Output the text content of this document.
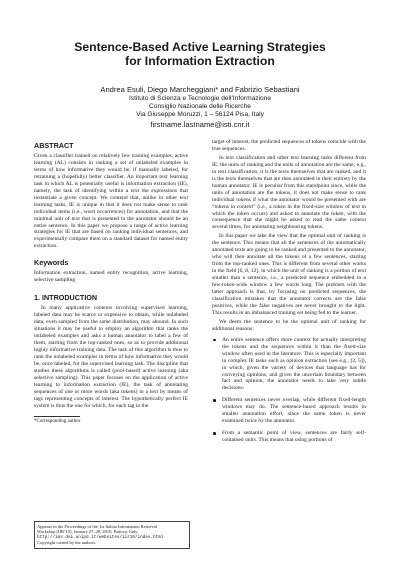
Sentence-Based Active Learning Strategies
for Information Extraction
Andrea Esuli, Diego Marcheggiani* and Fabrizio Sebastiani
Istituto di Scienza e Tecnologie dell’Informazione
Consiglio Nazionale delle Ricerche
Via Giuseppe Moruzzi, 1 – 56124 Pisa, Italy
firstname.lastname@isti.cnr.it
ABSTRACT

Given a classifier trained on relatively few training examples, active learning (AL) consists in ranking a set of unlabeled examples in terms of how informative they would be, if manually labeled, for retraining a (hopefully) better classifier. An important text learning task in which AL is potentially useful is information extraction (IE), namely, the task of identifying within a text the expressions that instantiate a given concept. We contend that, unlike in other text learning tasks, IE is unique in that it does not make sense to rank individual items (i.e., word occurrences) for annotation, and that the minimal unit of text that is presented to the annotator should be an entire sentence. In this paper we propose a range of active learning strategies for IE that are based on ranking individual sentences, and experimentally compare them on a standard dataset for named entity extraction.

Keywords

Information extraction, named entity recognition, active learning, selective sampling

1. INTRODUCTION

In many applicative contexts involving supervised learning, labeled data may be scarce or expensive to obtain, while unlabeled data, even sampled from the same distribution, may abound. In such situations it may be useful to employ an algorithm that ranks the unlabeled examples and asks a human annotator to label a few of them, starting from the top-ranked ones, so as to provide additional highly informative training data. The task of this algorithm is thus to rank the unlabeled examples in terms of how informative they would be, once labeled, for the supervised learning task. The discipline that studies these algorithms is called (pool-based) active learning (aka selective sampling). This paper focuses on the application of active learning to information extraction (IE), the task of annotating sequences of one or more words (aka tokens) in a text by means of tags representing concepts of interest. The hypothetically perfect IE system is thus the one for which, for each tag in the

*Corresponding author
Appears in the Proceedings of the 1st Italian Information Retrieval
Workshop (IIR’10), January 27–28, 2010, Padova, Italy.
http://ims.dei.unipd.it/websites/iir10/index.html
Copyright owned by the authors.

target of interest, the predicted sequences of tokens coincide with the true sequences.

In text classification and other text learning tasks different from IE, the units of ranking and the units of annotation are the same; e.g., in text classification, it is the texts themselves that are ranked, and it is the texts themselves that are then annotated in their entirety by the human annotator. IE is peculiar from this standpoint since, while the units of annotation are the tokens, it does not make sense to rank individual tokens if what the annotator would be presented with are “tokens in context” (i.e., a token in the fixed-size window of text in which the token occurs) and asked to annotate the token, with the consequence that she might be asked to read the same context several times, for annotating neighbouring tokens.

In this paper we take the view that the optimal unit of ranking is the sentence. This means that all the sentences of the automatically annotated texts are going to be ranked and presented to the annotator, who will then annotate all the tokens of a few sentences, starting from the top-ranked ones. This is different from several other works in the field [6, 8, 12], in which the unit of ranking is a portion of text smaller than a sentence, i.e., a predicted sequence embedded in a few-token-wide window a few words long. The problem with the latter approach is that, by focusing on predicted sequences, the classification mistakes that the annotator corrects are the false positives, while the false negatives are never brought to the light. This results in an imbalanced training set being fed to the learner.

We deem the sentence to be the optimal unit of ranking for additional reasons:

An entire sentence offers more context for actually interpreting the tokens and the sequences within it than the fixed-size window often used in the literature. This is especially important in complex IE tasks such as opinion extraction (see e.g., [2, 5]), in which, given the variety of devices that language has for conveying opinions, and given the uncertain boundary between fact and opinion, the annotator needs to take very subtle decisions.
Different sentences never overlap, while different fixed-length windows may do. The sentence-based approach results in smaller annotation effort, since the same token is never examined twice by the annotator.
From a semantic point of view, sentences are fairly self-contained units. This means that using portions of
